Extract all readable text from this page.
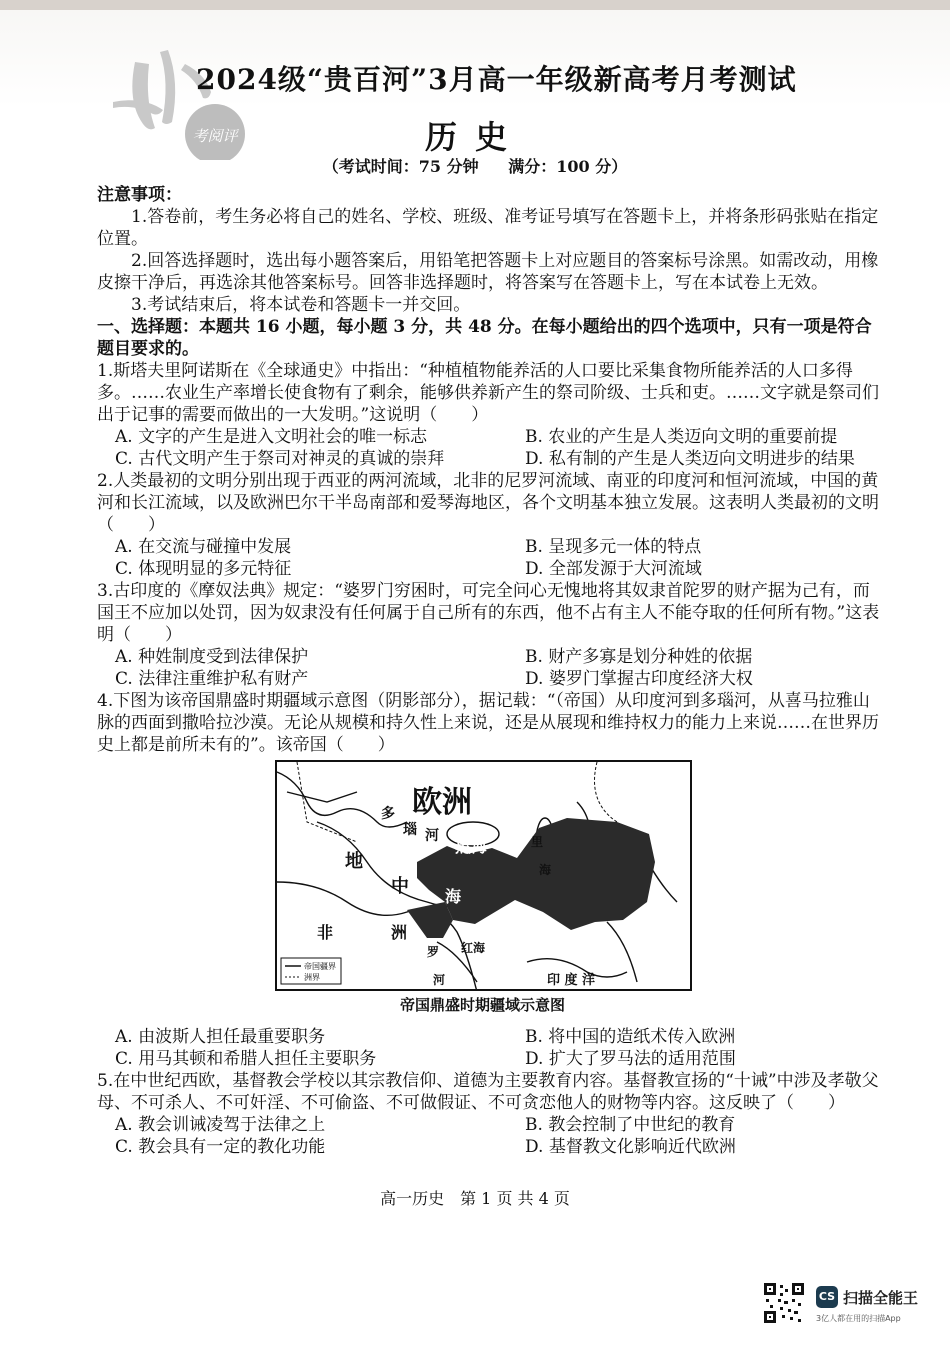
考阅评
2024级“贵百河”3月高一年级新高考月考测试
历史
（考试时间：75 分钟 满分：100 分）

注意事项：

1.答卷前，考生务必将自己的姓名、学校、班级、准考证号填写在答题卡上，并将条形码张贴在指定位置。

2.回答选择题时，选出每小题答案后，用铅笔把答题卡上对应题目的答案标号涂黑。如需改动，用橡皮擦干净后，再选涂其他答案标号。回答非选择题时，将答案写在答题卡上，写在本试卷上无效。

3.考试结束后，将本试卷和答题卡一并交回。

一、选择题：本题共 16 小题，每小题 3 分，共 48 分。在每小题给出的四个选项中，只有一项是符合题目要求的。

1.斯塔夫里阿诺斯在《全球通史》中指出：“种植植物能养活的人口要比采集食物所能养活的人口多得多。……农业生产率增长使食物有了剩余，能够供养新产生的祭司阶级、士兵和吏。……文字就是祭司们出于记事的需要而做出的一大发明。”这说明（　　）

A. 文字的产生是进入文明社会的唯一标志	B. 农业的产生是人类迈向文明的重要前提
C. 古代文明产生于祭司对神灵的真诚的崇拜	D. 私有制的产生是人类迈向文明进步的结果

2.人类最初的文明分别出现于西亚的两河流域，北非的尼罗河流域、南亚的印度河和恒河流域，中国的黄河和长江流域，以及欧洲巴尔干半岛南部和爱琴海地区，各个文明基本独立发展。这表明人类最初的文明（　　）

A. 在交流与碰撞中发展	B. 呈现多元一体的特点
C. 体现明显的多元特征	D. 全部发源于大河流域

3.古印度的《摩奴法典》规定：“婆罗门穷困时，可完全问心无愧地将其奴隶首陀罗的财产据为己有，而国王不应加以处罚，因为奴隶没有任何属于自己所有的东西，他不占有主人不能夺取的任何所有物。”这表明（　　）

A. 种姓制度受到法律保护	B. 财产多寡是划分种姓的依据
C. 法律注重维护私有财产	D. 婆罗门掌握古印度经济大权

4.下图为该帝国鼎盛时期疆域示意图（阴影部分），据记载：“（帝国）从印度河到多瑙河，从喜马拉雅山脉的西面到撒哈拉沙漠。无论从规模和持久性上来说，还是从展现和维持权力的能力上来说……在世界历史上都是前所未有的”。该帝国（　　）

欧洲
多
瑙 河
黑海	里
海
地
中 海
非	洲
罗
河
红海
印 度 洋
帝国疆界
洲界
帝国鼎盛时期疆域示意图
A. 由波斯人担任最重要职务	B. 将中国的造纸术传入欧洲
C. 用马其顿和希腊人担任主要职务	D. 扩大了罗马法的适用范围

5.在中世纪西欧，基督教会学校以其宗教信仰、道德为主要教育内容。基督教宣扬的“十诫”中涉及孝敬父母、不可杀人、不可奸淫、不可偷盗、不可做假证、不可贪恋他人的财物等内容。这反映了（　　）

A. 教会训诫凌驾于法律之上	B. 教会控制了中世纪的教育
C. 教会具有一定的教化功能	D. 基督教文化影响近代欧洲
高一历史　第 1 页 共 4 页
CS 扫描全能王
3亿人都在用的扫描App
